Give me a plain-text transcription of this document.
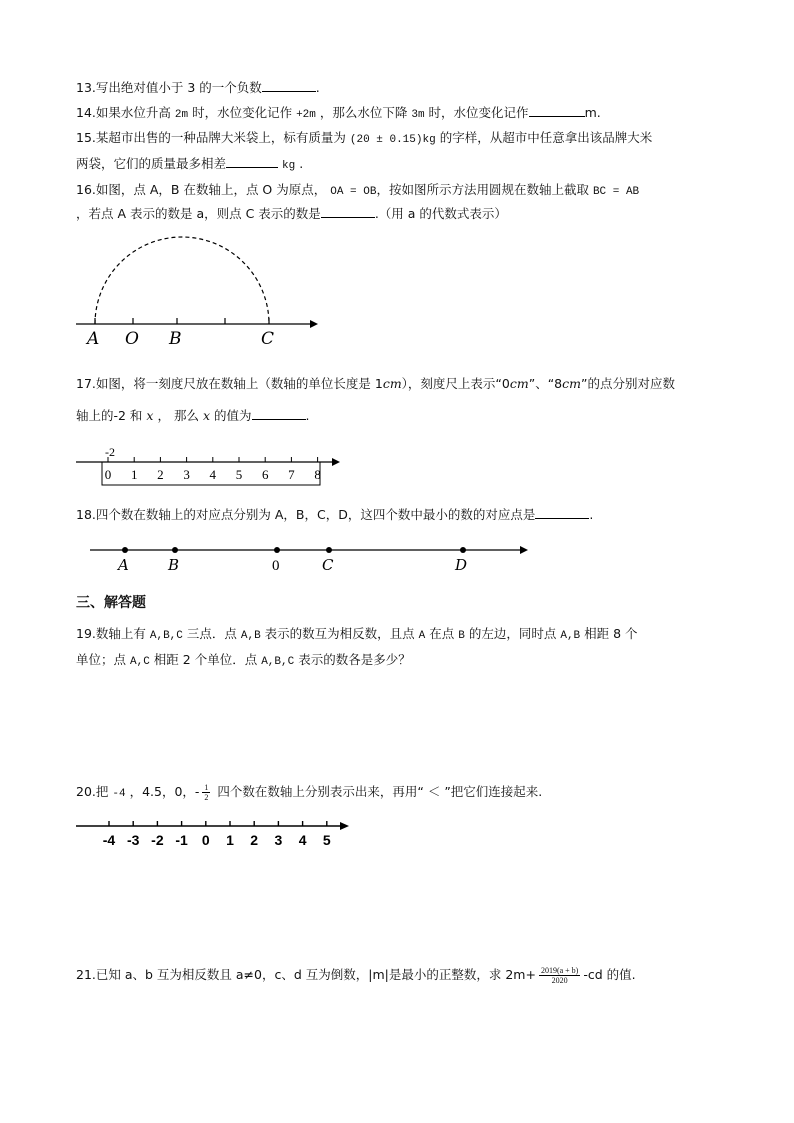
13.写出绝对值小于 3 的一个负数	.
14.如果水位升高 2m 时，水位变化记作 +2m ，那么水位下降 3m 时，水位变化记作	m.
15.某超市出售的一种品牌大米袋上，标有质量为 (20 ± 0.15)kg 的字样，从超市中任意拿出该品牌大米
两袋，它们的质量最多相差	kg .
16.如图，点 A，B 在数轴上，点 O 为原点， OA = OB，按如图所示方法用圆规在数轴上截取 BC = AB
，若点 A 表示的数是 a，则点 C 表示的数是	.（用 a 的代数式表示）
A O B	C
17.如图，将一刻度尺放在数轴上（数轴的单位长度是 1cm），刻度尺上表示“0cm”、“8cm”的点分别对应数
轴上的-2 和 x ， 那么 x 的值为	.
-2
0 1 2 3 4 5 6 7 8
18.四个数在数轴上的对应点分别为 A，B，C，D，这四个数中最小的数的对应点是	.
A	B	0	C	D
三、解答题
19.数轴上有 A,B,C 三点．点 A,B 表示的数互为相反数，且点 A 在点 B 的左边，同时点 A,B 相距 8 个
单位；点 A,C 相距 2 个单位．点 A,B,C 表示的数各是多少？
20.把 -4 ，4.5，0，- $\frac{1}{2}$ 四个数在数轴上分别表示出来，再用“ ＜ ”把它们连接起来.
-4 -3 -2 -1 0 1 2 3 4 5
21.已知 a、b 互为相反数且 a≠0，c、d 互为倒数，|m|是最小的正整数，求 $2m+ \frac{2019(a + b)}{2020} -cd$ 的值.
